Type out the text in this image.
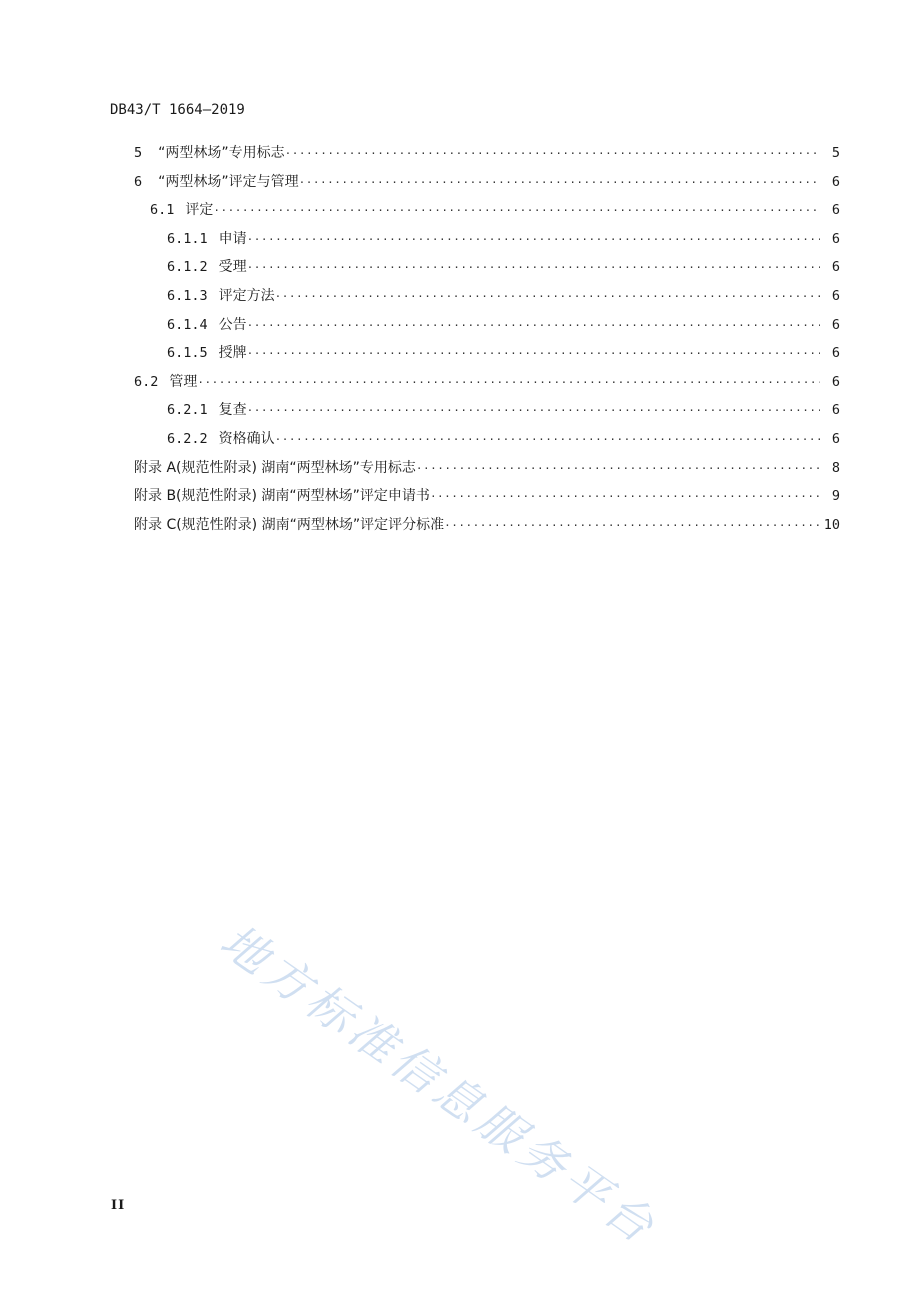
DB43/T 1664—2019
5 “两型林场”专用标志 ·····	5
6 “两型林场”评定与管理 ·····	6
6.1 评定 ·····	6
6.1.1 申请 ·····	6
6.1.2 受理 ·····	6
6.1.3 评定方法 ·····	6
6.1.4 公告 ·····	6
6.1.5 授牌 ·····	6
6.2 管理 ·····	6
6.2.1 复查 ·····	6
6.2.2 资格确认 ·····	6
附录 A(规范性附录) 湖南“两型林场”专用标志 ·····	8
附录 B(规范性附录) 湖南“两型林场”评定申请书 ·····	9
附录 C(规范性附录) 湖南“两型林场”评定评分标准 ·····	10
地方标准信息服务平台
II
